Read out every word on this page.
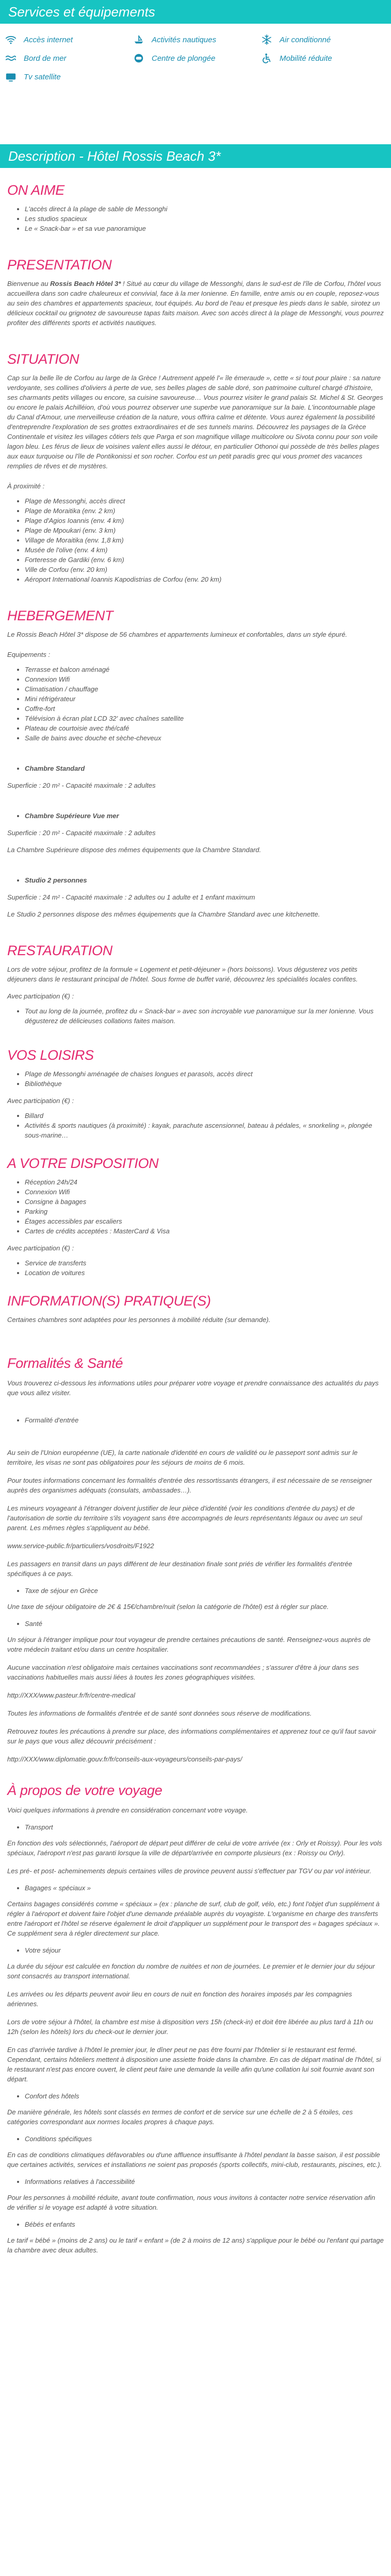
Services et équipements
Accès internet	Activités nautiques	Air conditionné
Bord de mer	Centre de plongée	Mobilité réduite
Tv satellite
Description - Hôtel Rossis Beach 3*
ON AIME
• L'accès direct à la plage de sable de Messonghi
• Les studios spacieux
• Le « Snack-bar » et sa vue panoramique
PRESENTATION

Bienvenue au Rossis Beach Hôtel 3* ! Situé au cœur du village de Messonghi, dans le sud-est de l'île de Corfou, l'hôtel vous accueillera dans son cadre chaleureux et convivial, face à la mer Ionienne. En famille, entre amis ou en couple, reposez-vous au sein des chambres et appartements spacieux, tout équipés. Au bord de l'eau et presque les pieds dans le sable, sirotez un délicieux cocktail ou grignotez de savoureuse tapas faits maison. Avec son accès direct à la plage de Messonghi, vous pourrez profiter des différents sports et activités nautiques.

SITUATION

Cap sur la belle île de Corfou au large de la Grèce ! Autrement appelé l'« île émeraude », cette « si tout pour plaire : sa nature verdoyante, ses collines d'oliviers à perte de vue, ses belles plages de sable doré, son patrimoine culturel chargé d'histoire, ses charmants petits villages ou encore, sa cuisine savoureuse… Vous pourrez visiter le grand palais St. Michel & St. Georges ou encore le palais Achilléion, d'où vous pourrez observer une superbe vue panoramique sur la baie. L'incontournable plage du Canal d'Amour, une merveilleuse création de la nature, vous offrira calme et détente. Vous aurez également la possibilité d'entreprendre l'exploration de ses grottes extraordinaires et de ses tunnels marins. Découvrez les paysages de la Grèce Continentale et visitez les villages côtiers tels que Parga et son magnifique village multicolore ou Sivota connu pour son voile lagon bleu. Les férus de lieux de voisines valent elles aussi le détour, en particulier Othonoi qui possède de très belles plages aux eaux turquoise ou l'île de Pontikonissi et son rocher. Corfou est un petit paradis grec qui vous promet des vacances remplies de rêves et de mystères.

À proximité :

• Plage de Messonghi, accès direct
• Plage de Moraitika (env. 2 km)
• Plage d'Agios Ioannis (env. 4 km)
• Plage de Mpoukari (env. 3 km)
• Village de Moraitika (env. 1,8 km)
• Musée de l'olive (env. 4 km)
• Forteresse de Gardiki (env. 6 km)
• Ville de Corfou (env. 20 km)
• Aéroport International Ioannis Kapodistrias de Corfou (env. 20 km)
HEBERGEMENT

Le Rossis Beach Hôtel 3* dispose de 56 chambres et appartements lumineux et confortables, dans un style épuré.

Equipements :

• Terrasse et balcon aménagé
• Connexion Wifi
• Climatisation / chauffage
• Mini réfrigérateur
• Coffre-fort
• Télévision à écran plat LCD 32' avec chaînes satellite
• Plateau de courtoisie avec thé/café
• Salle de bains avec douche et sèche-cheveux
• Chambre Standard

Superficie : 20 m² - Capacité maximale : 2 adultes

• Chambre Supérieure Vue mer

Superficie : 20 m² - Capacité maximale : 2 adultes

La Chambre Supérieure dispose des mêmes équipements que la Chambre Standard.

• Studio 2 personnes

Superficie : 24 m² - Capacité maximale : 2 adultes ou 1 adulte et 1 enfant maximum

Le Studio 2 personnes dispose des mêmes équipements que la Chambre Standard avec une kitchenette.

RESTAURATION

Lors de votre séjour, profitez de la formule « Logement et petit-déjeuner » (hors boissons). Vous dégusterez vos petits déjeuners dans le restaurant principal de l'hôtel. Sous forme de buffet varié, découvrez les spécialités locales confites.

Avec participation (€) :

• Tout au long de la journée, profitez du « Snack-bar » avec son incroyable vue panoramique sur la mer Ionienne. Vous dégusterez de délicieuses collations faites maison.
VOS LOISIRS
• Plage de Messonghi aménagée de chaises longues et parasols, accès direct
• Bibliothèque

Avec participation (€) :

• Billard
• Activités & sports nautiques (à proximité) : kayak, parachute ascensionnel, bateau à pédales, « snorkeling », plongée sous-marine…
A VOTRE DISPOSITION
• Réception 24h/24
• Connexion Wifi
• Consigne à bagages
• Parking
• Étages accessibles par escaliers
• Cartes de crédits acceptées : MasterCard & Visa

Avec participation (€) :

• Service de transferts
• Location de voitures
INFORMATION(S) PRATIQUE(S)

Certaines chambres sont adaptées pour les personnes à mobilité réduite (sur demande).

Formalités & Santé

Vous trouverez ci-dessous les informations utiles pour préparer votre voyage et prendre connaissance des actualités du pays que vous allez visiter.

• Formalité d'entrée

Au sein de l'Union européenne (UE), la carte nationale d'identité en cours de validité ou le passeport sont admis sur le territoire, les visas ne sont pas obligatoires pour les séjours de moins de 6 mois.

Pour toutes informations concernant les formalités d'entrée des ressortissants étrangers, il est nécessaire de se renseigner auprès des organismes adéquats (consulats, ambassades…).

Les mineurs voyageant à l'étranger doivent justifier de leur pièce d'identité (voir les conditions d'entrée du pays) et de l'autorisation de sortie du territoire s'ils voyagent sans être accompagnés de leurs représentants légaux ou avec un seul parent. Les mêmes règles s'appliquent au bébé.

www.service-public.fr/particuliers/vosdroits/F1922

Les passagers en transit dans un pays différent de leur destination finale sont priés de vérifier les formalités d'entrée spécifiques à ce pays.

• Taxe de séjour en Grèce

Une taxe de séjour obligatoire de 2€ & 15€/chambre/nuit (selon la catégorie de l'hôtel) est à régler sur place.

• Santé

Un séjour à l'étranger implique pour tout voyageur de prendre certaines précautions de santé. Renseignez-vous auprès de votre médecin traitant et/ou dans un centre hospitalier.

Aucune vaccination n'est obligatoire mais certaines vaccinations sont recommandées ; s'assurer d'être à jour dans ses vaccinations habituelles mais aussi liées à toutes les zones géographiques visitées.

http://XXX/www.pasteur.fr/fr/centre-medical

Toutes les informations de formalités d'entrée et de santé sont données sous réserve de modifications.

Retrouvez toutes les précautions à prendre sur place, des informations complémentaires et apprenez tout ce qu'il faut savoir sur le pays que vous allez découvrir précisément :

http://XXX/www.diplomatie.gouv.fr/fr/conseils-aux-voyageurs/conseils-par-pays/

À propos de votre voyage

Voici quelques informations à prendre en considération concernant votre voyage.

• Transport

En fonction des vols sélectionnés, l'aéroport de départ peut différer de celui de votre arrivée (ex : Orly et Roissy). Pour les vols spéciaux, l'aéroport n'est pas garanti lorsque la ville de départ/arrivée en comporte plusieurs (ex : Roissy ou Orly).

Les pré- et post- acheminements depuis certaines villes de province peuvent aussi s'effectuer par TGV ou par vol intérieur.

• Bagages « spéciaux »

Certains bagages considérés comme « spéciaux » (ex : planche de surf, club de golf, vélo, etc.) font l'objet d'un supplément à régler à l'aéroport et doivent faire l'objet d'une demande préalable auprès du voyagiste. L'organisme en charge des transferts entre l'aéroport et l'hôtel se réserve également le droit d'appliquer un supplément pour le transport des « bagages spéciaux ». Ce supplément sera à régler directement sur place.

• Votre séjour

La durée du séjour est calculée en fonction du nombre de nuitées et non de journées. Le premier et le dernier jour du séjour sont consacrés au transport international.

Les arrivées ou les départs peuvent avoir lieu en cours de nuit en fonction des horaires imposés par les compagnies aériennes.

Lors de votre séjour à l'hôtel, la chambre est mise à disposition vers 15h (check-in) et doit être libérée au plus tard à 11h ou 12h (selon les hôtels) lors du check-out le dernier jour.

En cas d'arrivée tardive à l'hôtel le premier jour, le dîner peut ne pas être fourni par l'hôtelier si le restaurant est fermé. Cependant, certains hôteliers mettent à disposition une assiette froide dans la chambre. En cas de départ matinal de l'hôtel, si le restaurant n'est pas encore ouvert, le client peut faire une demande la veille afin qu'une collation lui soit fournie avant son départ.

• Confort des hôtels

De manière générale, les hôtels sont classés en termes de confort et de service sur une échelle de 2 à 5 étoiles, ces catégories correspondant aux normes locales propres à chaque pays.

• Conditions spécifiques

En cas de conditions climatiques défavorables ou d'une affluence insuffisante à l'hôtel pendant la basse saison, il est possible que certaines activités, services et installations ne soient pas proposés (sports collectifs, mini-club, restaurants, piscines, etc.).

• Informations relatives à l'accessibilité

Pour les personnes à mobilité réduite, avant toute confirmation, nous vous invitons à contacter notre service réservation afin de vérifier si le voyage est adapté à votre situation.

• Bébés et enfants

Le tarif « bébé » (moins de 2 ans) ou le tarif « enfant » (de 2 à moins de 12 ans) s'applique pour le bébé ou l'enfant qui partage la chambre avec deux adultes.
